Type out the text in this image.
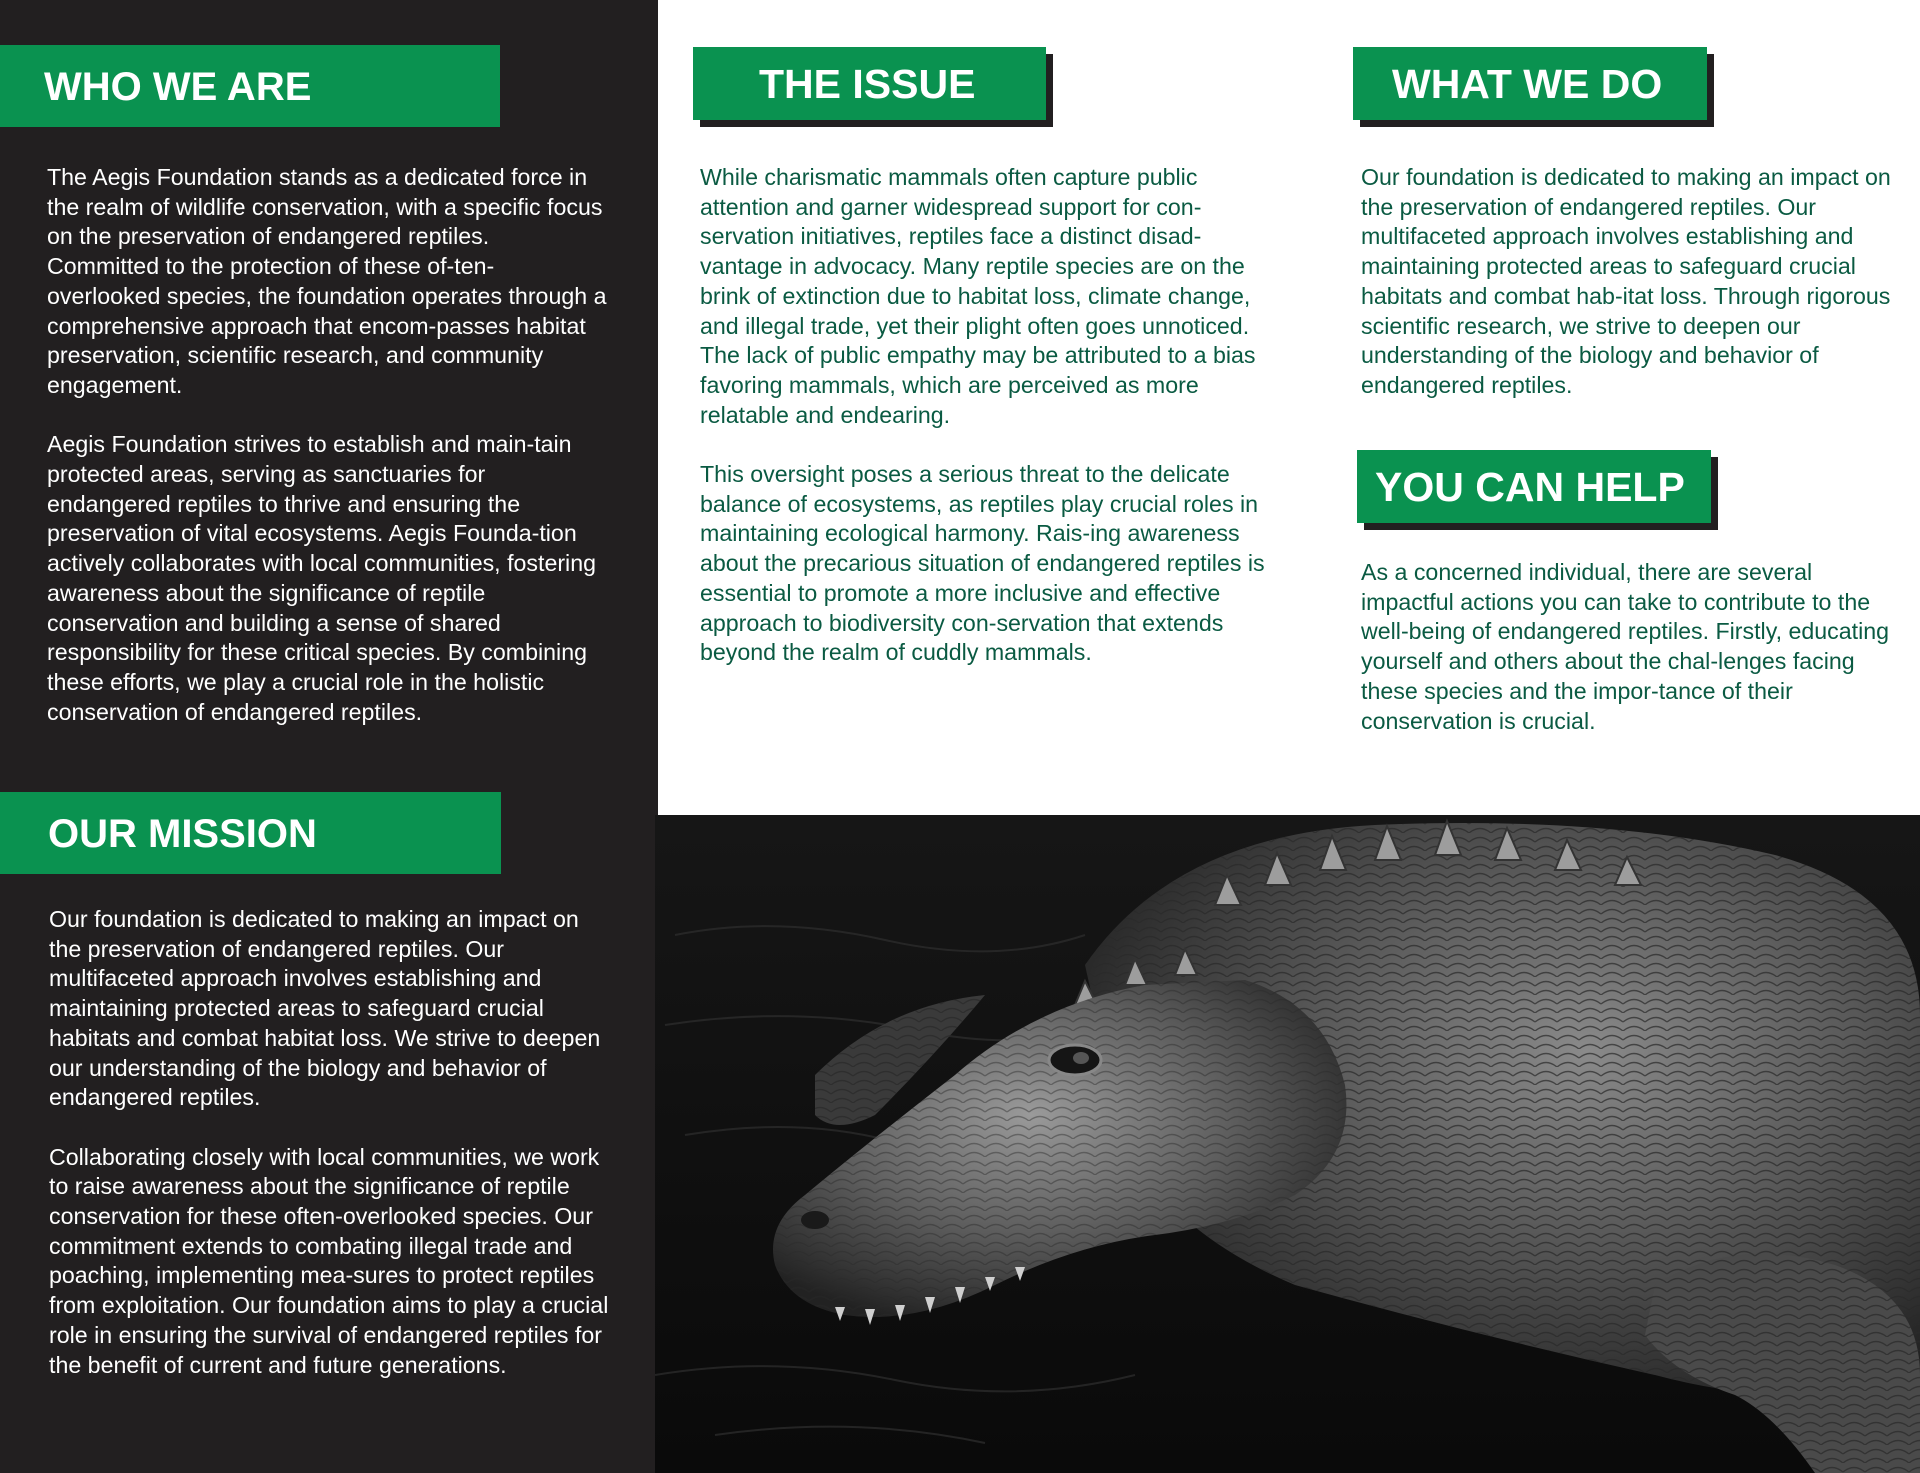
WHO WE ARE

The Aegis Foundation stands as a dedicated force in the realm of wildlife conservation, with a specific focus on the preservation of endangered reptiles. Committed to the protection of these of-ten-overlooked species, the foundation operates through a comprehensive approach that encom-passes habitat preservation, scientific research, and community engagement.

Aegis Foundation strives to establish and main-tain protected areas, serving as sanctuaries for endangered reptiles to thrive and ensuring the preservation of vital ecosystems. Aegis Founda-tion actively collaborates with local communities, fostering awareness about the significance of reptile conservation and building a sense of shared responsibility for these critical species. By combining these efforts, we play a crucial role in the holistic conservation of endangered reptiles.

OUR MISSION

Our foundation is dedicated to making an impact on the preservation of endangered reptiles. Our multifaceted approach involves establishing and maintaining protected areas to safeguard crucial habitats and combat habitat loss. We strive to deepen our understanding of the biology and behavior of endangered reptiles.

Collaborating closely with local communities, we work to raise awareness about the significance of reptile conservation for these often-overlooked species. Our commitment extends to combating illegal trade and poaching, implementing mea-sures to protect reptiles from exploitation. Our foundation aims to play a crucial role in ensuring the survival of endangered reptiles for the benefit of current and future generations.

THE ISSUE

While charismatic mammals often capture public attention and garner widespread support for con-servation initiatives, reptiles face a distinct disad-vantage in advocacy. Many reptile species are on the brink of extinction due to habitat loss, climate change, and illegal trade, yet their plight often goes unnoticed. The lack of public empathy may be attributed to a bias favoring mammals, which are perceived as more relatable and endearing.

This oversight poses a serious threat to the delicate balance of ecosystems, as reptiles play crucial roles in maintaining ecological harmony. Rais-ing awareness about the precarious situation of endangered reptiles is essential to promote a more inclusive and effective approach to biodiversity con-servation that extends beyond the realm of cuddly mammals.

WHAT WE DO

Our foundation is dedicated to making an impact on the preservation of endangered reptiles. Our multifaceted approach involves establishing and maintaining protected areas to safeguard crucial habitats and combat hab-itat loss. Through rigorous scientific research, we strive to deepen our understanding of the biology and behavior of endangered reptiles.

YOU CAN HELP

As a concerned individual, there are several impactful actions you can take to contribute to the well-being of endangered reptiles. Firstly, educating yourself and others about the chal-lenges facing these species and the impor-tance of their conservation is crucial.
